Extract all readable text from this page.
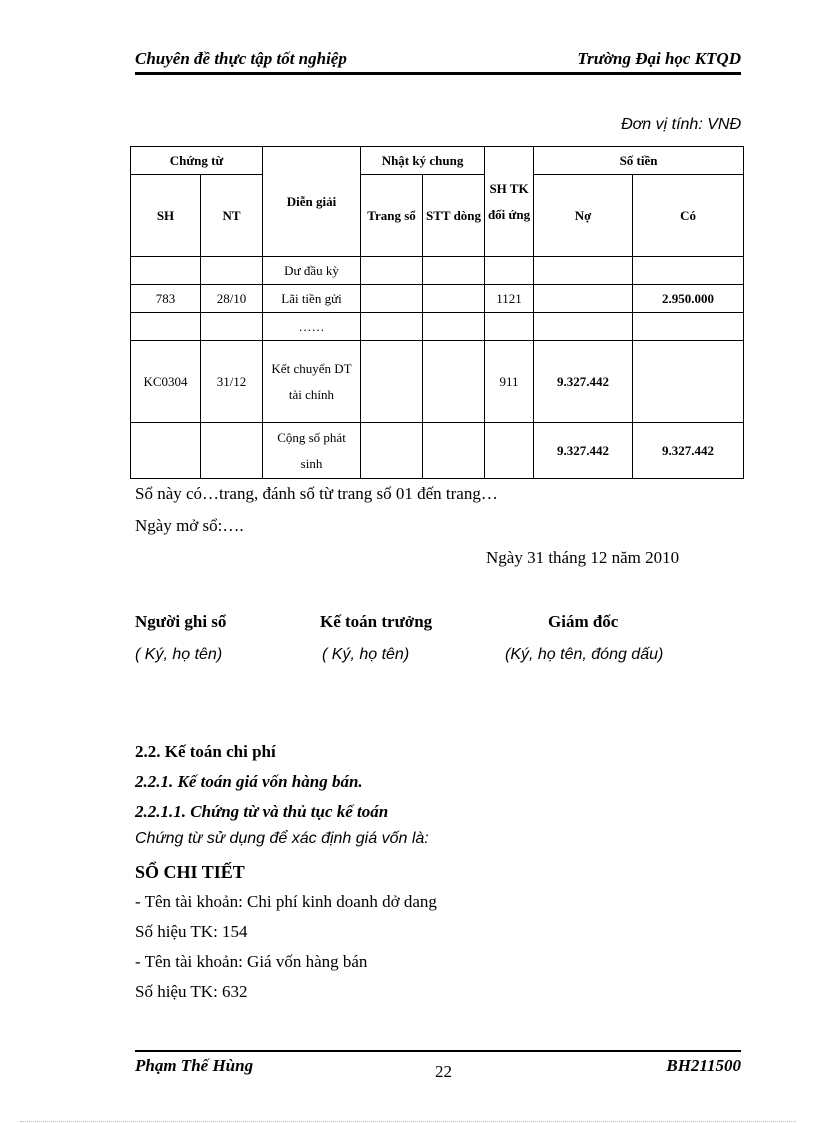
Chuyên đề thực tập tốt nghiệp	Trường Đại học KTQD
Đơn vị tính: VNĐ
Chứng từ		Diễn giải	Nhật ký chung		SH TK đối ứng	Số tiền	
SH	NT		Trang sổ	STT dòng		Nợ	Có
		Dư đầu kỳ					
783	28/10	Lãi tiền gửi			1121		2.950.000
		……					
KC0304	31/12	Kết chuyển DT tài chính			911	9.327.442	
		Cộng số phát sinh				9.327.442	9.327.442

Sổ này có…trang, đánh số từ trang số 01 đến trang…

Ngày mở sổ:….

Ngày 31 tháng 12 năm 2010

Người ghi sổ	Kế toán trưởng	Giám đốc

( Ký, họ tên)	( Ký, họ tên)	(Ký, họ tên, đóng dấu)

2.2. Kế toán chi phí

2.2.1. Kế toán giá vốn hàng bán.

2.2.1.1. Chứng từ và thủ tục kế toán

Chứng từ sử dụng để xác định giá vốn là:

SỔ CHI TIẾT

- Tên tài khoản: Chi phí kinh doanh dở dang

Số hiệu TK: 154

- Tên tài khoản: Giá vốn hàng bán

Số hiệu TK: 632

Phạm Thế Hùng	22	BH211500
